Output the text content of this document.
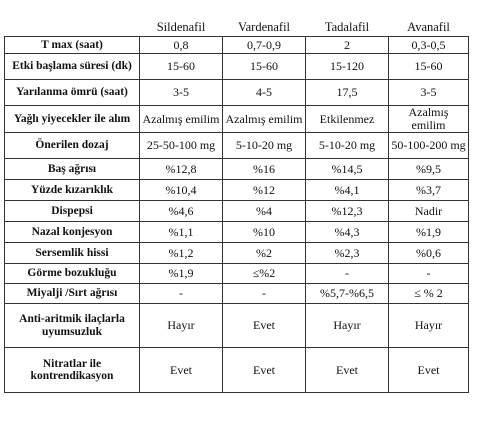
	Sildenafil	Vardenafil	Tadalafil	Avanafil
T max (saat)	0,8	0,7-0,9	2	0,3-0,5
Etki başlama süresi (dk)	15-60	15-60	15-120	15-60
Yarılanma ömrü (saat)	3-5	4-5	17,5	3-5
Yağlı yiyecekler ile alım	Azalmış emilim	Azalmış emilim	Etkilenmez	Azalmış emilim
Önerilen dozaj	25-50-100 mg	5-10-20 mg	5-10-20 mg	50-100-200 mg
Baş ağrısı	%12,8	%16	%14,5	%9,5
Yüzde kızarıklık	%10,4	%12	%4,1	%3,7
Dispepsi	%4,6	%4	%12,3	Nadir
Nazal konjesyon	%1,1	%10	%4,3	%1,9
Sersemlik hissi	%1,2	%2	%2,3	%0,6
Görme bozukluğu	%1,9	≤%2	-	-
Miyalji /Sırt ağrısı	-	-	%5,7-%6,5	≤ % 2
Anti-aritmik ilaçlarla uyumsuzluk	Hayır	Evet	Hayır	Hayır
Nitratlar ile kontrendikasyon	Evet	Evet	Evet	Evet
